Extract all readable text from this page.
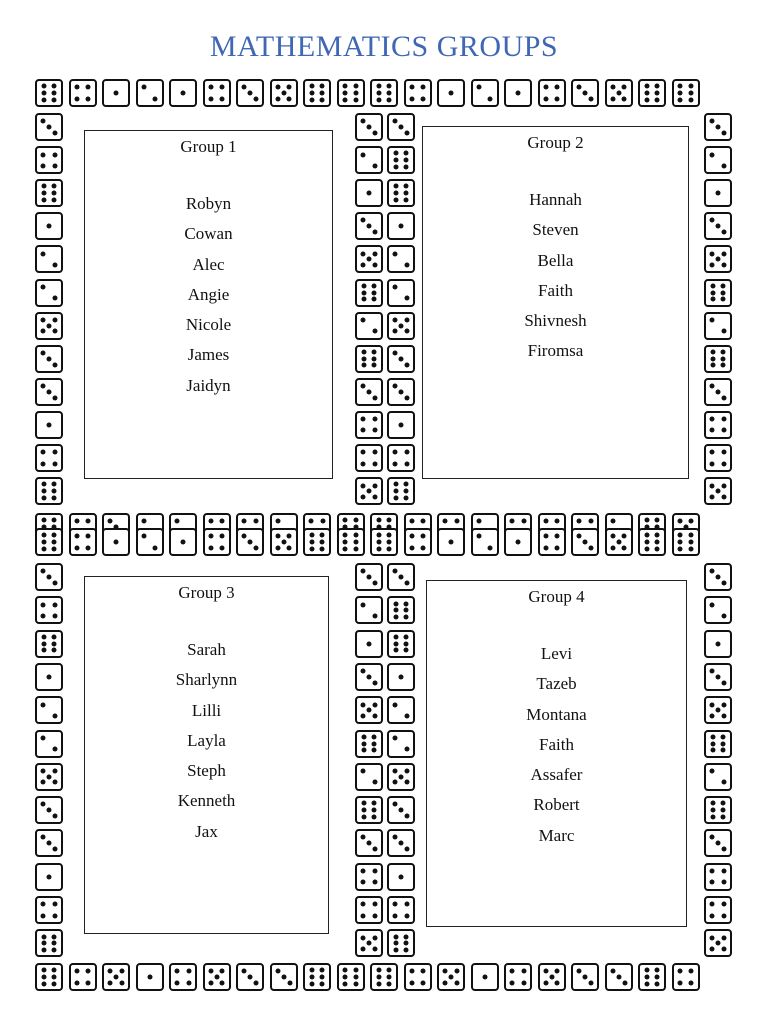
MATHEMATICS GROUPS
Group 1
Robyn
Cowan
Alec
Angie
Nicole
James
Jaidyn
Group 2
Hannah
Steven
Bella
Faith
Shivnesh
Firomsa
Group 3
Sarah
Sharlynn
Lilli
Layla
Steph
Kenneth
Jax
Group 4
Levi
Tazeb
Montana
Faith
Assafer
Robert
Marc
